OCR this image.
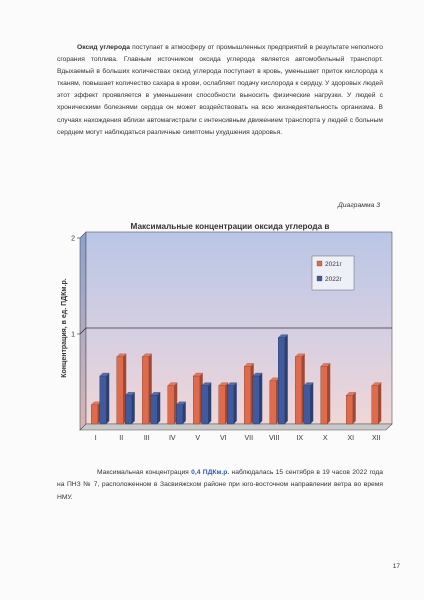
Оксид углерода поступает в атмосферу от промышленных предприятий в результате неполного сгорания топлива. Главным источником оксида углерода является автомобильный транспорт. Вдыхаемый в больших количествах оксид углерода поступает в кровь, уменьшает приток кислорода к тканям, повышает количество сахара в крови, ослабляет подачу кислорода к сердцу. У здоровых людей этот эффект проявляется в уменьшении способности выносить физические нагрузки. У людей с хроническими болезнями сердца он может воздействовать на всю жизнедеятельность организма. В случаях нахождения вблизи автомагистрали с интенсивным движением транспорта у людей с больным сердцем могут наблюдаться различные симптомы ухудшения здоровья.

Диаграмма 3

Максимальные концентрации оксида углерода в

2
1
Концентрация, в ед. ПДКм.р.
I	II	III	IV	V	VI	VII VIII IX	X	XI	XII
2021г
2022г

Максимальная концентрация 0,4 ПДКм.р. наблюдалась 15 сентября в 19 часов 2022 года на ПНЗ № 7, расположенном в Засвияжском районе при юго-восточном направлении ветра во время НМУ.

17
